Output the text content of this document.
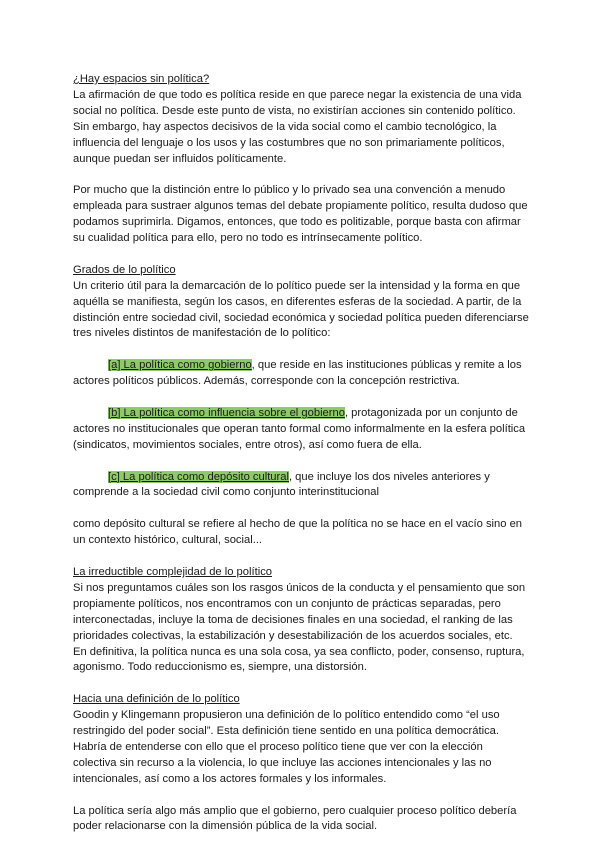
¿Hay espacios sin política?

La afirmación de que todo es política reside en que parece negar la existencia de una vida social no política. Desde este punto de vista, no existirían acciones sin contenido político. Sin embargo, hay aspectos decisivos de la vida social como el cambio tecnológico, la influencia del lenguaje o los usos y las costumbres que no son primariamente políticos, aunque puedan ser influidos políticamente.

Por mucho que la distinción entre lo público y lo privado sea una convención a menudo empleada para sustraer algunos temas del debate propiamente político, resulta dudoso que podamos suprimirla. Digamos, entonces, que todo es politizable, porque basta con afirmar su cualidad política para ello, pero no todo es intrínsecamente político.

Grados de lo político

Un criterio útil para la demarcación de lo político puede ser la intensidad y la forma en que aquélla se manifiesta, según los casos, en diferentes esferas de la sociedad. A partir, de la distinción entre sociedad civil, sociedad económica y sociedad política pueden diferenciarse tres niveles distintos de manifestación de lo político:

[a] La política como gobierno, que reside en las instituciones públicas y remite a los actores políticos públicos. Además, corresponde con la concepción restrictiva.

[b] La política como influencia sobre el gobierno, protagonizada por un conjunto de actores no institucionales que operan tanto formal como informalmente en la esfera política (sindicatos, movimientos sociales, entre otros), así como fuera de ella.

[c] La política como depósito cultural, que incluye los dos niveles anteriores y comprende a la sociedad civil como conjunto interinstitucional

como depósito cultural se refiere al hecho de que la política no se hace en el vacío sino en un contexto histórico, cultural, social...

La irreductible complejidad de lo político

Si nos preguntamos cuáles son los rasgos únicos de la conducta y el pensamiento que son propiamente políticos, nos encontramos con un conjunto de prácticas separadas, pero interconectadas, incluye la toma de decisiones finales en una sociedad, el ranking de las prioridades colectivas, la estabilización y desestabilización de los acuerdos sociales, etc. En definitiva, la política nunca es una sola cosa, ya sea conflicto, poder, consenso, ruptura, agonismo. Todo reduccionismo es, siempre, una distorsión.

Hacia una definición de lo político

Goodin y Klingemann propusieron una definición de lo político entendido como “el uso restringido del poder social”. Esta definición tiene sentido en una política democrática. Habría de entenderse con ello que el proceso político tiene que ver con la elección colectiva sin recurso a la violencia, lo que incluye las acciones intencionales y las no intencionales, así como a los actores formales y los informales.

La política sería algo más amplio que el gobierno, pero cualquier proceso político debería poder relacionarse con la dimensión pública de la vida social.
